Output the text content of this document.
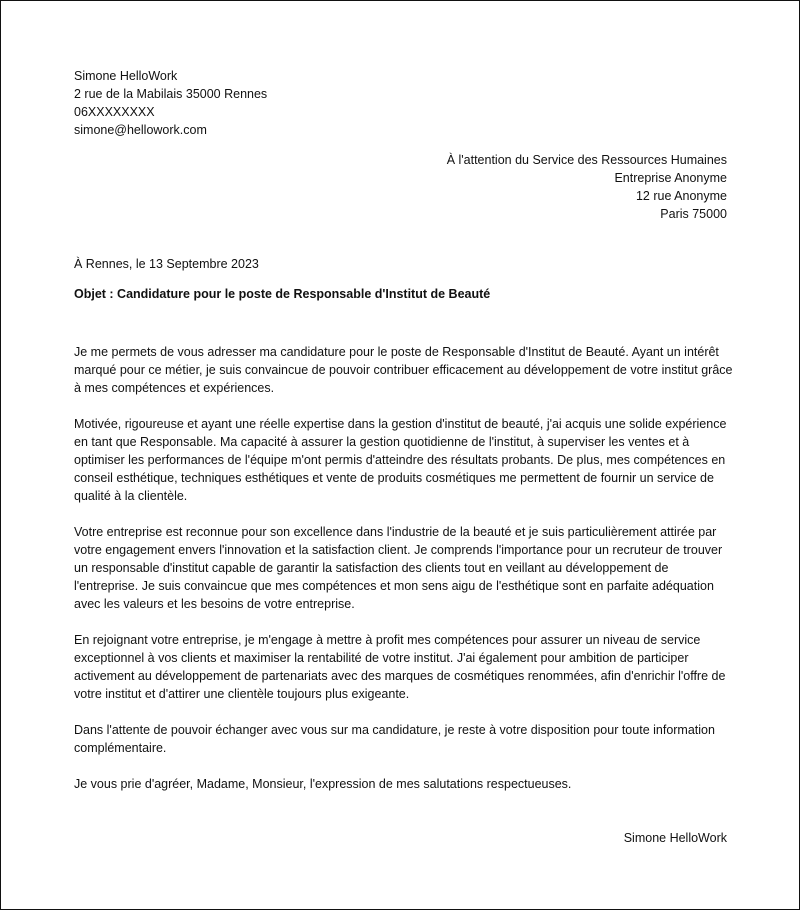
Simone HelloWork
2 rue de la Mabilais 35000 Rennes
06XXXXXXXX
simone@hellowork.com
À l'attention du Service des Ressources Humaines
Entreprise Anonyme
12 rue Anonyme
Paris 75000
À Rennes, le 13 Septembre 2023
Objet : Candidature pour le poste de Responsable d'Institut de Beauté

Je me permets de vous adresser ma candidature pour le poste de Responsable d'Institut de Beauté. Ayant un intérêt marqué pour ce métier, je suis convaincue de pouvoir contribuer efficacement au développement de votre institut grâce à mes compétences et expériences.

Motivée, rigoureuse et ayant une réelle expertise dans la gestion d'institut de beauté, j'ai acquis une solide expérience en tant que Responsable. Ma capacité à assurer la gestion quotidienne de l'institut, à superviser les ventes et à optimiser les performances de l'équipe m'ont permis d'atteindre des résultats probants. De plus, mes compétences en conseil esthétique, techniques esthétiques et vente de produits cosmétiques me permettent de fournir un service de qualité à la clientèle.

Votre entreprise est reconnue pour son excellence dans l'industrie de la beauté et je suis particulièrement attirée par votre engagement envers l'innovation et la satisfaction client. Je comprends l'importance pour un recruteur de trouver un responsable d'institut capable de garantir la satisfaction des clients tout en veillant au développement de l'entreprise. Je suis convaincue que mes compétences et mon sens aigu de l'esthétique sont en parfaite adéquation avec les valeurs et les besoins de votre entreprise.

En rejoignant votre entreprise, je m'engage à mettre à profit mes compétences pour assurer un niveau de service exceptionnel à vos clients et maximiser la rentabilité de votre institut. J'ai également pour ambition de participer activement au développement de partenariats avec des marques de cosmétiques renommées, afin d'enrichir l'offre de votre institut et d'attirer une clientèle toujours plus exigeante.

Dans l'attente de pouvoir échanger avec vous sur ma candidature, je reste à votre disposition pour toute information complémentaire.

Je vous prie d'agréer, Madame, Monsieur, l'expression de mes salutations respectueuses.

Simone HelloWork
